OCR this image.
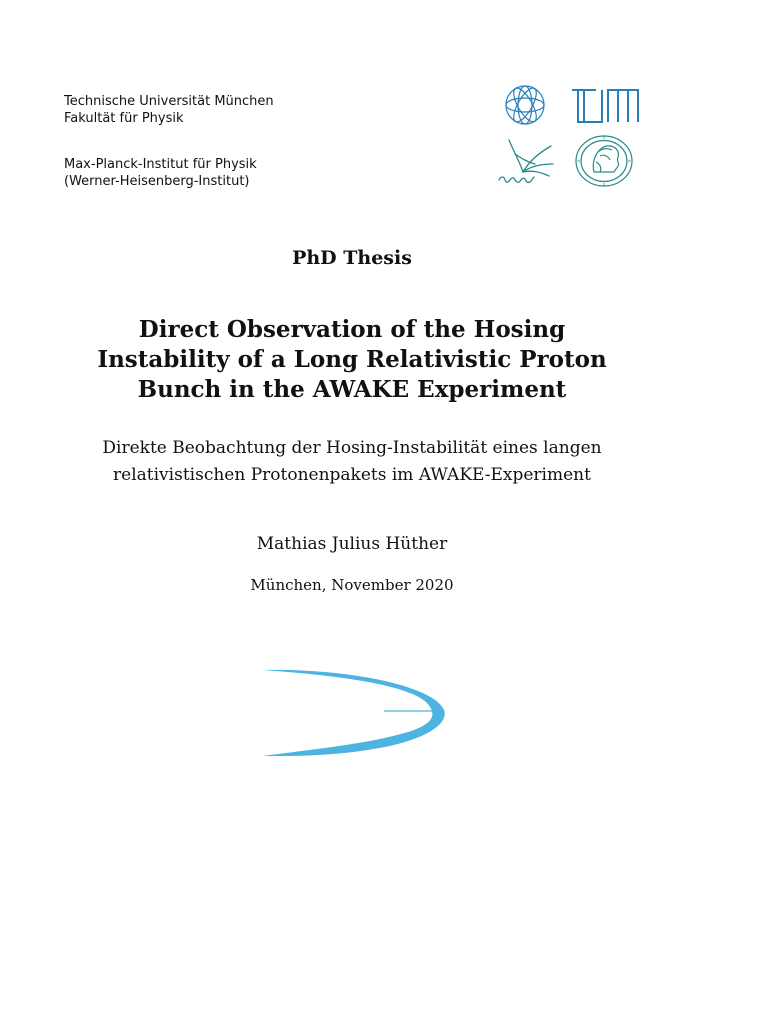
Technische Universität München
Fakultät für Physik
Max-Planck-Institut für Physik
(Werner-Heisenberg-Institut)
PhD Thesis
Direct Observation of the Hosing
Instability of a Long Relativistic Proton
Bunch in the AWAKE Experiment
Direkte Beobachtung der Hosing-Instabilität eines langen
relativistischen Protonenpakets im AWAKE-Experiment
Mathias Julius Hüther
München, November 2020
